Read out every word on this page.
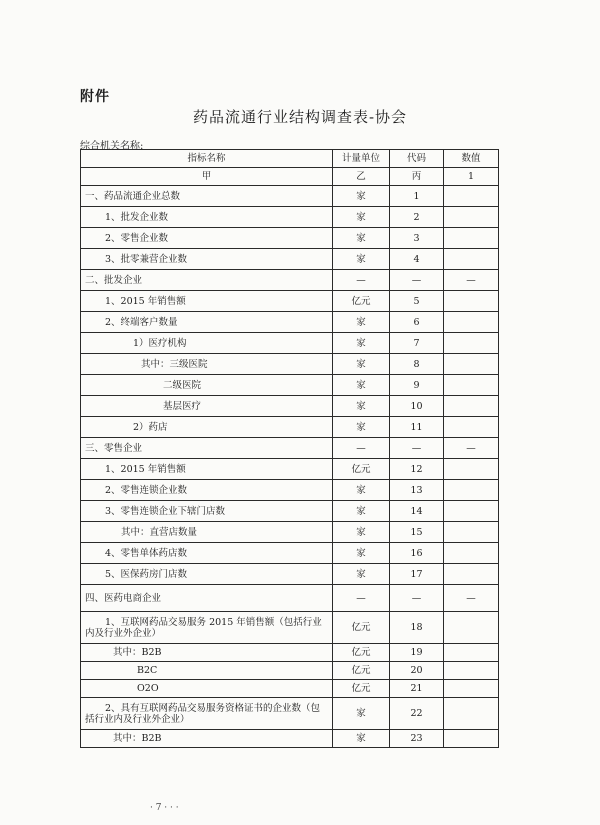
附件
药品流通行业结构调查表-协会
综合机关名称:
指标名称	计量单位	代码	数值
甲	乙	丙	1
一、药品流通企业总数	家	1	
1、批发企业数	家	2	
2、零售企业数	家	3	
3、批零兼营企业数	家	4	
二、批发企业	—	—	—
1、2015 年销售额	亿元	5	
2、终端客户数量	家	6	
1）医疗机构	家	7	
其中：三级医院	家	8	
二级医院	家	9	
基层医疗	家	10	
2）药店	家	11	
三、零售企业	—	—	—
1、2015 年销售额	亿元	12	
2、零售连锁企业数	家	13	
3、零售连锁企业下辖门店数	家	14	
其中：直营店数量	家	15	
4、零售单体药店数	家	16	
5、医保药房门店数	家	17	
四、医药电商企业	—	—	—
1、互联网药品交易服务 2015 年销售额（包括行业内及行业外企业）	亿元	18	
其中：B2B	亿元	19	
B2C	亿元	20	
O2O	亿元	21	
2、具有互联网药品交易服务资格证书的企业数（包括行业内及行业外企业）	家	22	
其中：B2B	家	23	
· 7 · · ·
